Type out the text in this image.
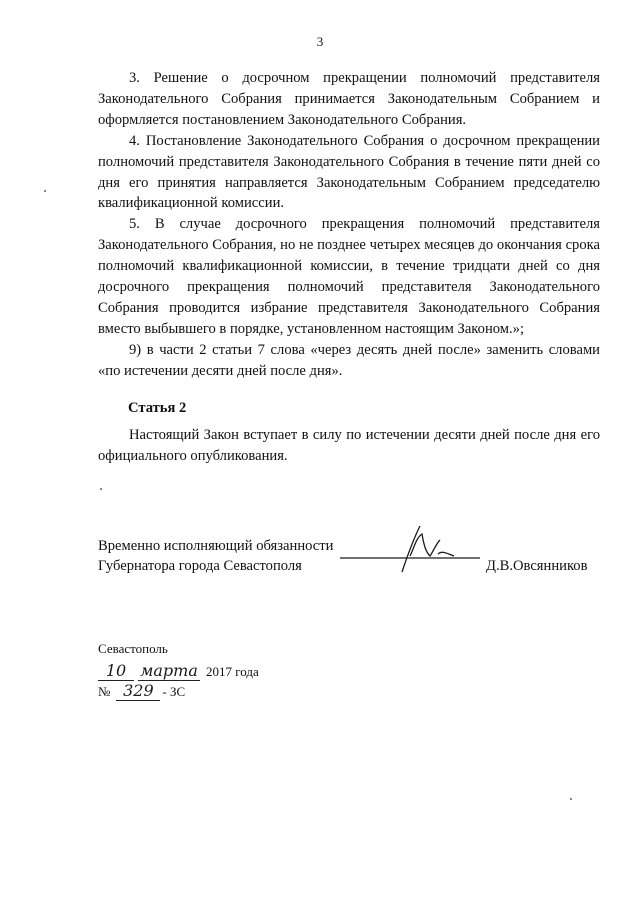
3

3. Решение о досрочном прекращении полномочий представителя Законодательного Собрания принимается Законодательным Собранием и оформляется постановлением Законодательного Собрания.

4. Постановление Законодательного Собрания о досрочном прекращении полномочий представителя Законодательного Собрания в течение пяти дней со дня его принятия направляется Законодательным Собранием председателю квалификационной комиссии.

5. В случае досрочного прекращения полномочий представителя Законодательного Собрания, но не позднее четырех месяцев до окончания срока полномочий квалификационной комиссии, в течение тридцати дней со дня досрочного прекращения полномочий представителя Законодательного Собрания проводится избрание представителя Законодательного Собрания вместо выбывшего в порядке, установленном настоящим Законом.»;

9) в части 2 статьи 7 слова «через десять дней после» заменить словами «по истечении десяти дней после дня».

Статья 2

Настоящий Закон вступает в силу по истечении десяти дней после дня его официального опубликования.

Временно исполняющий обязанности
Губернатора города Севастополя	Д.В.Овсянников
Севастополь
10 марта 2017 года
№ 329 - ЗС
